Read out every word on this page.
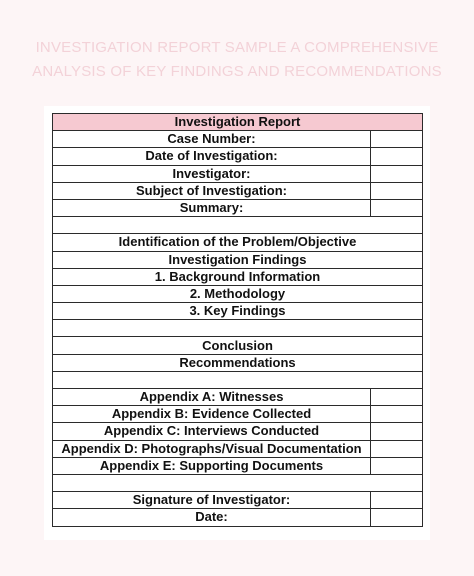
INVESTIGATION REPORT SAMPLE A COMPREHENSIVE
ANALYSIS OF KEY FINDINGS AND RECOMMENDATIONS
Investigation Report	
Case Number:	
Date of Investigation:	
Investigator:	
Subject of Investigation:	
Summary:	

Identification of the Problem/Objective	
Investigation Findings	
1. Background Information	
2. Methodology	
3. Key Findings	

Conclusion	
Recommendations	

Appendix A: Witnesses	
Appendix B: Evidence Collected	
Appendix C: Interviews Conducted	
Appendix D: Photographs/Visual Documentation	
Appendix E: Supporting Documents	

Signature of Investigator:	
Date:	
